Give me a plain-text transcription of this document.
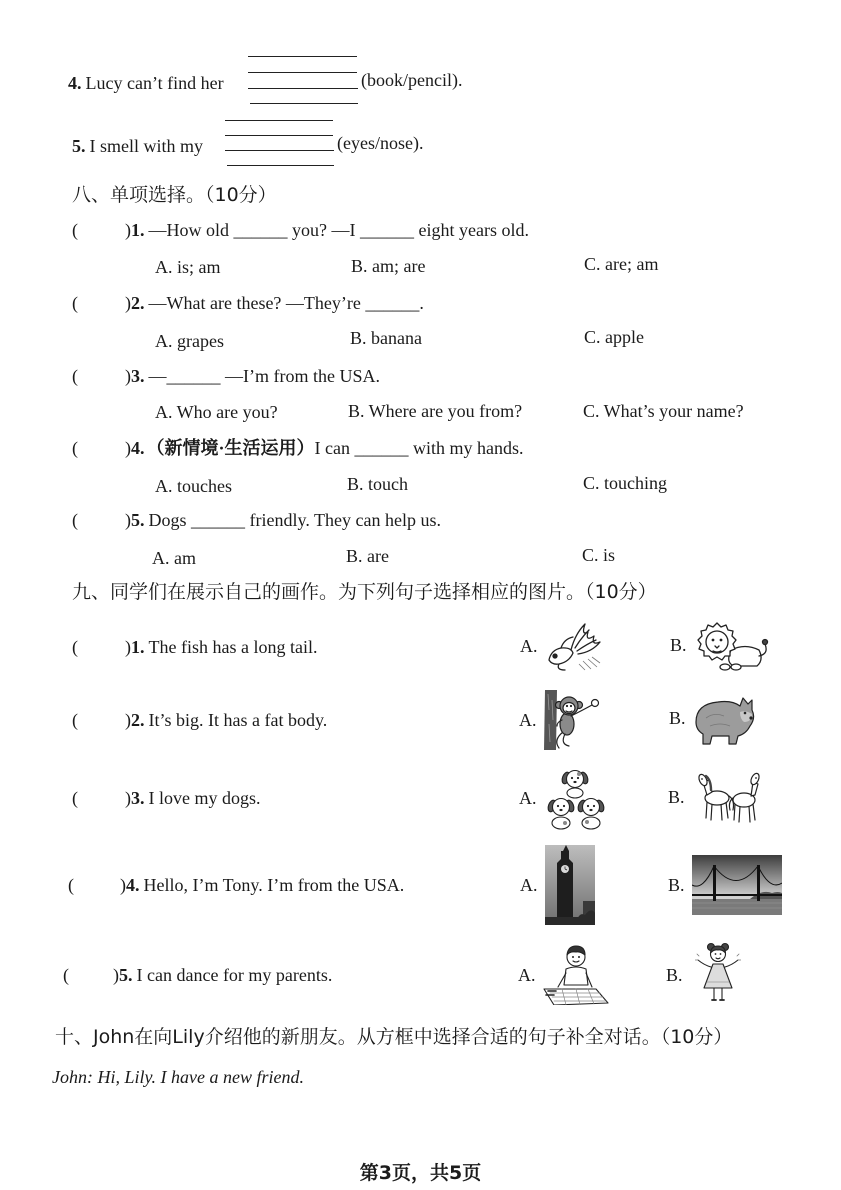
4. Lucy can’t find her	(book/pencil).
5. I smell with my	(eyes/nose).
八、单项选择。（10分）
(	)1. —How old ______ you? —I ______ eight years old.
A. is; am	B. am; are	C. are; am
(	)2. —What are these? —They’re ______.
A. grapes	B. banana	C. apple
(	)3. —______ —I’m from the USA.
A. Who are you?	B. Where are you from?	C. What’s your name?
(	)4. （新情境·生活运用）I can ______ with my hands.
A. touches	B. touch	C. touching
(	)5. Dogs ______ friendly. They can help us.
A. am	B. are	C. is
九、同学们在展示自己的画作。为下列句子选择相应的图片。（10分）
(	)1. The fish has a long tail.	A.	B.
(	)2. It’s big. It has a fat body.	A.	B.
(	)3. I love my dogs.	A.	B.
(	)4. Hello, I’m Tony. I’m from the USA.	A.	B.
( )5. I can dance for my parents.	A.	B.
十、John在向Lily介绍他的新朋友。从方框中选择合适的句子补全对话。（10分）
John: Hi, Lily. I have a new friend.
第3页，共5页
